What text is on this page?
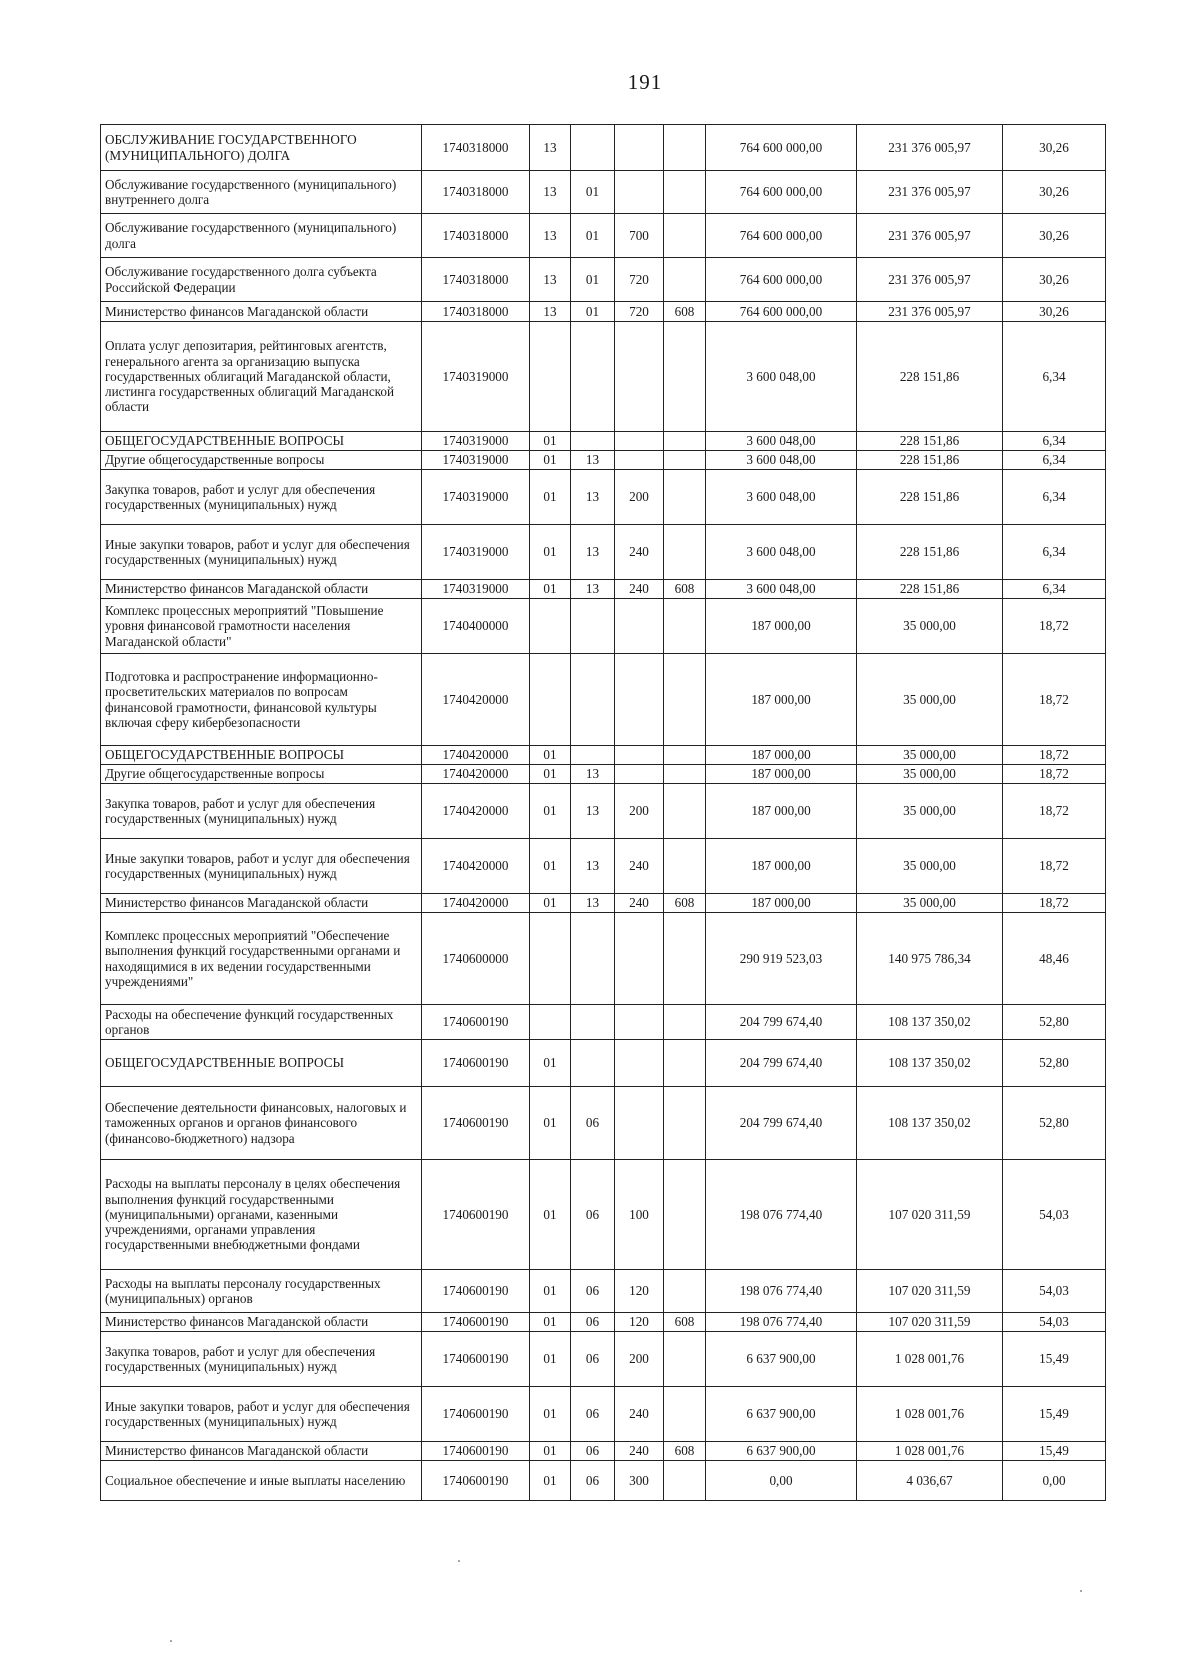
191
ОБСЛУЖИВАНИЕ ГОСУДАРСТВЕННОГО (МУНИЦИПАЛЬНОГО) ДОЛГА	1740318000	13				764 600 000,00	231 376 005,97	30,26
Обслуживание государственного (муниципального) внутреннего долга	1740318000	13	01			764 600 000,00	231 376 005,97	30,26
Обслуживание государственного (муниципального) долга	1740318000	13	01	700		764 600 000,00	231 376 005,97	30,26
Обслуживание государственного долга субъекта Российской Федерации	1740318000	13	01	720		764 600 000,00	231 376 005,97	30,26
Министерство финансов Магаданской области	1740318000	13	01	720	608	764 600 000,00	231 376 005,97	30,26
Оплата услуг депозитария, рейтинговых агентств, генерального агента за организацию выпуска государственных облигаций Магаданской области, листинга государственных облигаций Магаданской области	1740319000					3 600 048,00	228 151,86	6,34
ОБЩЕГОСУДАРСТВЕННЫЕ ВОПРОСЫ	1740319000	01				3 600 048,00	228 151,86	6,34
Другие общегосударственные вопросы	1740319000	01	13			3 600 048,00	228 151,86	6,34
Закупка товаров, работ и услуг для обеспечения государственных (муниципальных) нужд	1740319000	01	13	200		3 600 048,00	228 151,86	6,34
Иные закупки товаров, работ и услуг для обеспечения государственных (муниципальных) нужд	1740319000	01	13	240		3 600 048,00	228 151,86	6,34
Министерство финансов Магаданской области	1740319000	01	13	240	608	3 600 048,00	228 151,86	6,34
Комплекс процессных мероприятий "Повышение уровня финансовой грамотности населения Магаданской области"	1740400000					187 000,00	35 000,00	18,72
Подготовка и распространение информационно-просветительских материалов по вопросам финансовой грамотности, финансовой культуры включая сферу кибербезопасности	1740420000					187 000,00	35 000,00	18,72
ОБЩЕГОСУДАРСТВЕННЫЕ ВОПРОСЫ	1740420000	01				187 000,00	35 000,00	18,72
Другие общегосударственные вопросы	1740420000	01	13			187 000,00	35 000,00	18,72
Закупка товаров, работ и услуг для обеспечения государственных (муниципальных) нужд	1740420000	01	13	200		187 000,00	35 000,00	18,72
Иные закупки товаров, работ и услуг для обеспечения государственных (муниципальных) нужд	1740420000	01	13	240		187 000,00	35 000,00	18,72
Министерство финансов Магаданской области	1740420000	01	13	240	608	187 000,00	35 000,00	18,72
Комплекс процессных мероприятий "Обеспечение выполнения функций государственными органами и находящимися в их ведении государственными учреждениями"	1740600000					290 919 523,03	140 975 786,34	48,46
Расходы на обеспечение функций государственных органов	1740600190					204 799 674,40	108 137 350,02	52,80
ОБЩЕГОСУДАРСТВЕННЫЕ ВОПРОСЫ	1740600190	01				204 799 674,40	108 137 350,02	52,80
Обеспечение деятельности финансовых, налоговых и таможенных органов и органов финансового (финансово-бюджетного) надзора	1740600190	01	06			204 799 674,40	108 137 350,02	52,80
Расходы на выплаты персоналу в целях обеспечения выполнения функций государственными (муниципальными) органами, казенными учреждениями, органами управления государственными внебюджетными фондами	1740600190	01	06	100		198 076 774,40	107 020 311,59	54,03
Расходы на выплаты персоналу государственных (муниципальных) органов	1740600190	01	06	120		198 076 774,40	107 020 311,59	54,03
Министерство финансов Магаданской области	1740600190	01	06	120	608	198 076 774,40	107 020 311,59	54,03
Закупка товаров, работ и услуг для обеспечения государственных (муниципальных) нужд	1740600190	01	06	200		6 637 900,00	1 028 001,76	15,49
Иные закупки товаров, работ и услуг для обеспечения государственных (муниципальных) нужд	1740600190	01	06	240		6 637 900,00	1 028 001,76	15,49
Министерство финансов Магаданской области	1740600190	01	06	240	608	6 637 900,00	1 028 001,76	15,49
Социальное обеспечение и иные выплаты населению	1740600190	01	06	300		0,00	4 036,67	0,00
